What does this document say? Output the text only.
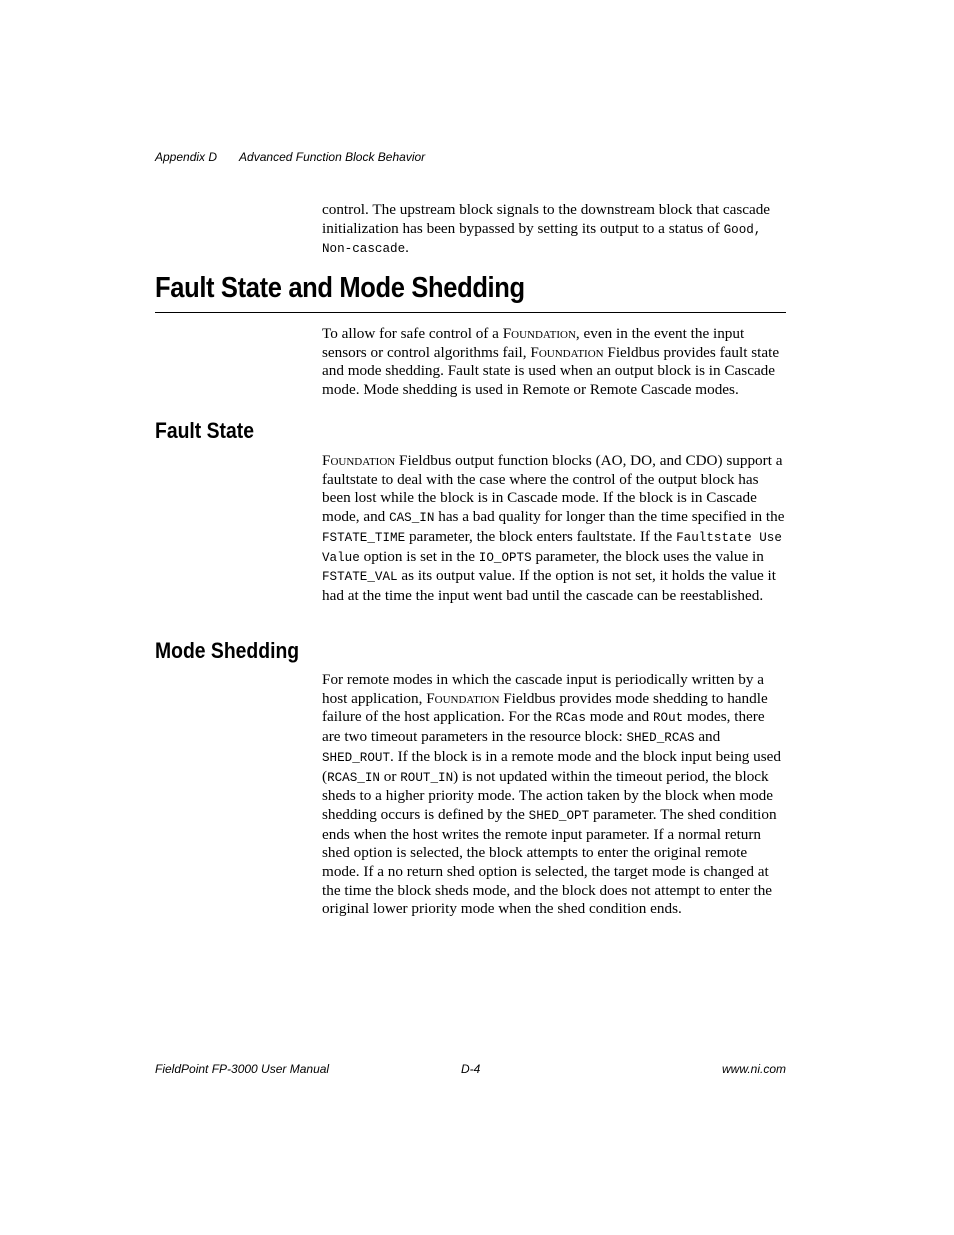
Appendix D Advanced Function Block Behavior

control. The upstream block signals to the downstream block that cascade initialization has been bypassed by setting its output to a status of Good, Non-cascade.

Fault State and Mode Shedding

To allow for safe control of a Foundation, even in the event the input sensors or control algorithms fail, Foundation Fieldbus provides fault state and mode shedding. Fault state is used when an output block is in Cascade mode. Mode shedding is used in Remote or Remote Cascade modes.

Fault State

Foundation Fieldbus output function blocks (AO, DO, and CDO) support a faultstate to deal with the case where the control of the output block has been lost while the block is in Cascade mode. If the block is in Cascade mode, and CAS_IN has a bad quality for longer than the time specified in the FSTATE_TIME parameter, the block enters faultstate. If the Faultstate Use Value option is set in the IO_OPTS parameter, the block uses the value in FSTATE_VAL as its output value. If the option is not set, it holds the value it had at the time the input went bad until the cascade can be reestablished.

Mode Shedding

For remote modes in which the cascade input is periodically written by a host application, Foundation Fieldbus provides mode shedding to handle failure of the host application. For the RCas mode and ROut modes, there are two timeout parameters in the resource block: SHED_RCAS and SHED_ROUT. If the block is in a remote mode and the block input being used (RCAS_IN or ROUT_IN) is not updated within the timeout period, the block sheds to a higher priority mode. The action taken by the block when mode shedding occurs is defined by the SHED_OPT parameter. The shed condition ends when the host writes the remote input parameter. If a normal return shed option is selected, the block attempts to enter the original remote mode. If a no return shed option is selected, the target mode is changed at the time the block sheds mode, and the block does not attempt to enter the original lower priority mode when the shed condition ends.

FieldPoint FP-3000 User Manual	D-4	www.ni.com
